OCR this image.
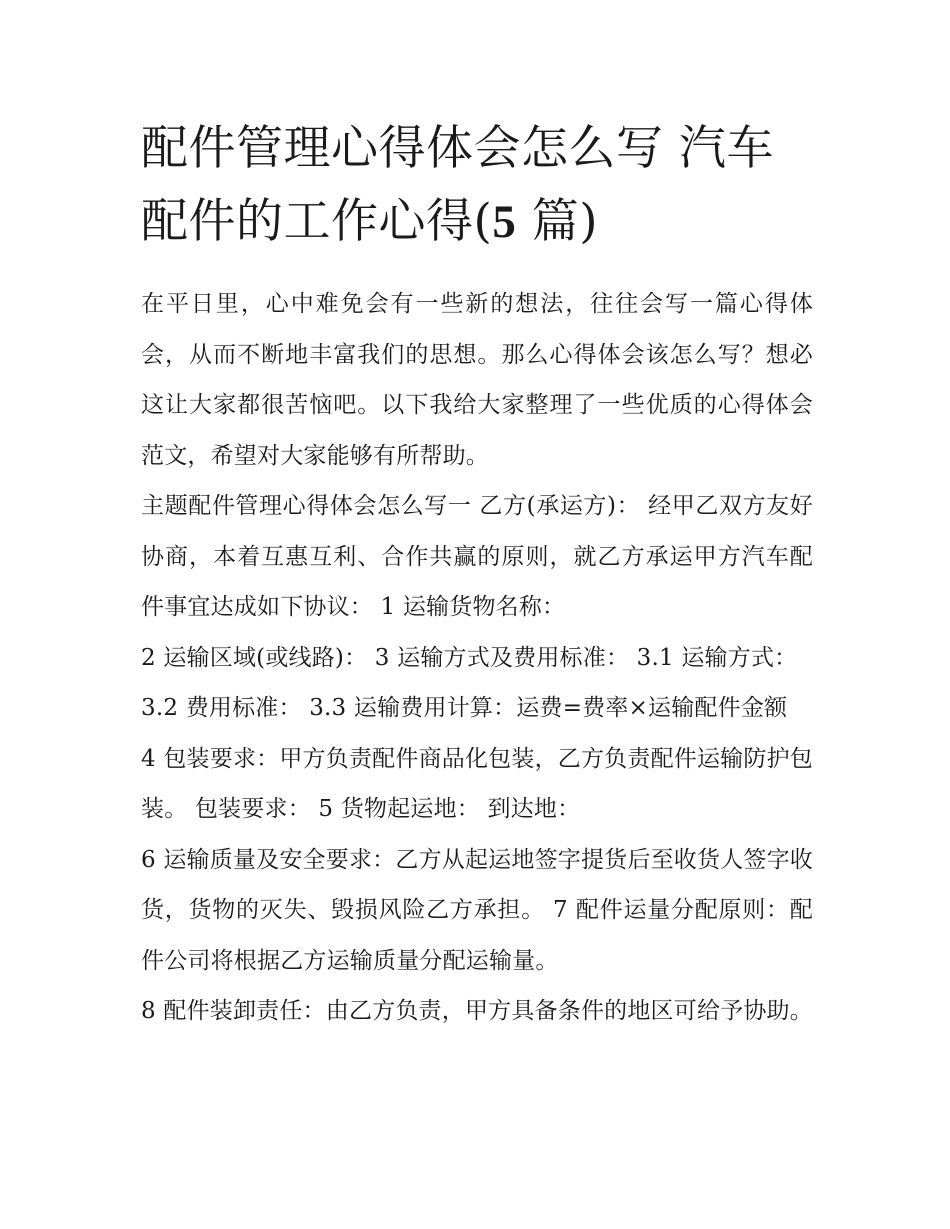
配件管理心得体会怎么写 汽车配件的工作心得(5 篇)

在平日里，心中难免会有一些新的想法，往往会写一篇心得体会，从而不断地丰富我们的思想。那么心得体会该怎么写？想必这让大家都很苦恼吧。以下我给大家整理了一些优质的心得体会范文，希望对大家能够有所帮助。

主题配件管理心得体会怎么写一 乙方(承运方)： 经甲乙双方友好协商，本着互惠互利、合作共赢的原则，就乙方承运甲方汽车配件事宜达成如下协议： 1 运输货物名称：

2 运输区域(或线路)： 3 运输方式及费用标准： 3.1 运输方式：

3.2 费用标准： 3.3 运输费用计算：运费=费率×运输配件金额

4 包装要求：甲方负责配件商品化包装，乙方负责配件运输防护包装。 包装要求： 5 货物起运地： 到达地：

6 运输质量及安全要求：乙方从起运地签字提货后至收货人签字收货，货物的灭失、毁损风险乙方承担。 7 配件运量分配原则：配件公司将根据乙方运输质量分配运输量。

8 配件装卸责任：由乙方负责，甲方具备条件的地区可给予协助。
